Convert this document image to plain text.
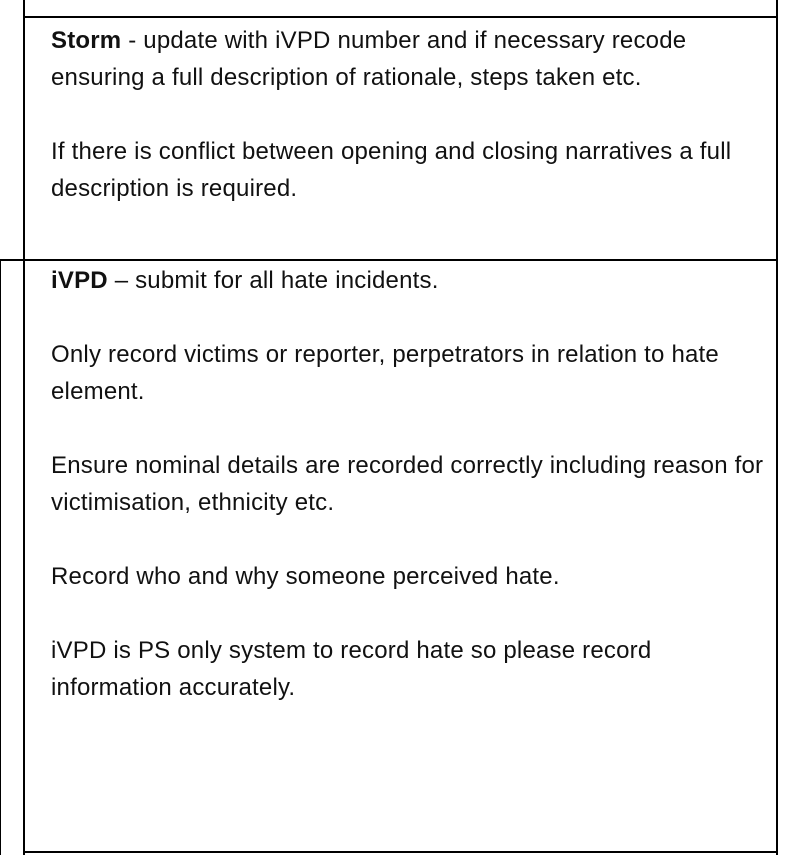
Storm - update with iVPD number and if necessary recode ensuring a full description of rationale, steps taken etc.

If there is conflict between opening and closing narratives a full description is required.

iVPD – submit for all hate incidents.

Only record victims or reporter, perpetrators in relation to hate element.

Ensure nominal details are recorded correctly including reason for victimisation, ethnicity etc.

Record who and why someone perceived hate.

iVPD is PS only system to record hate so please record information accurately.
